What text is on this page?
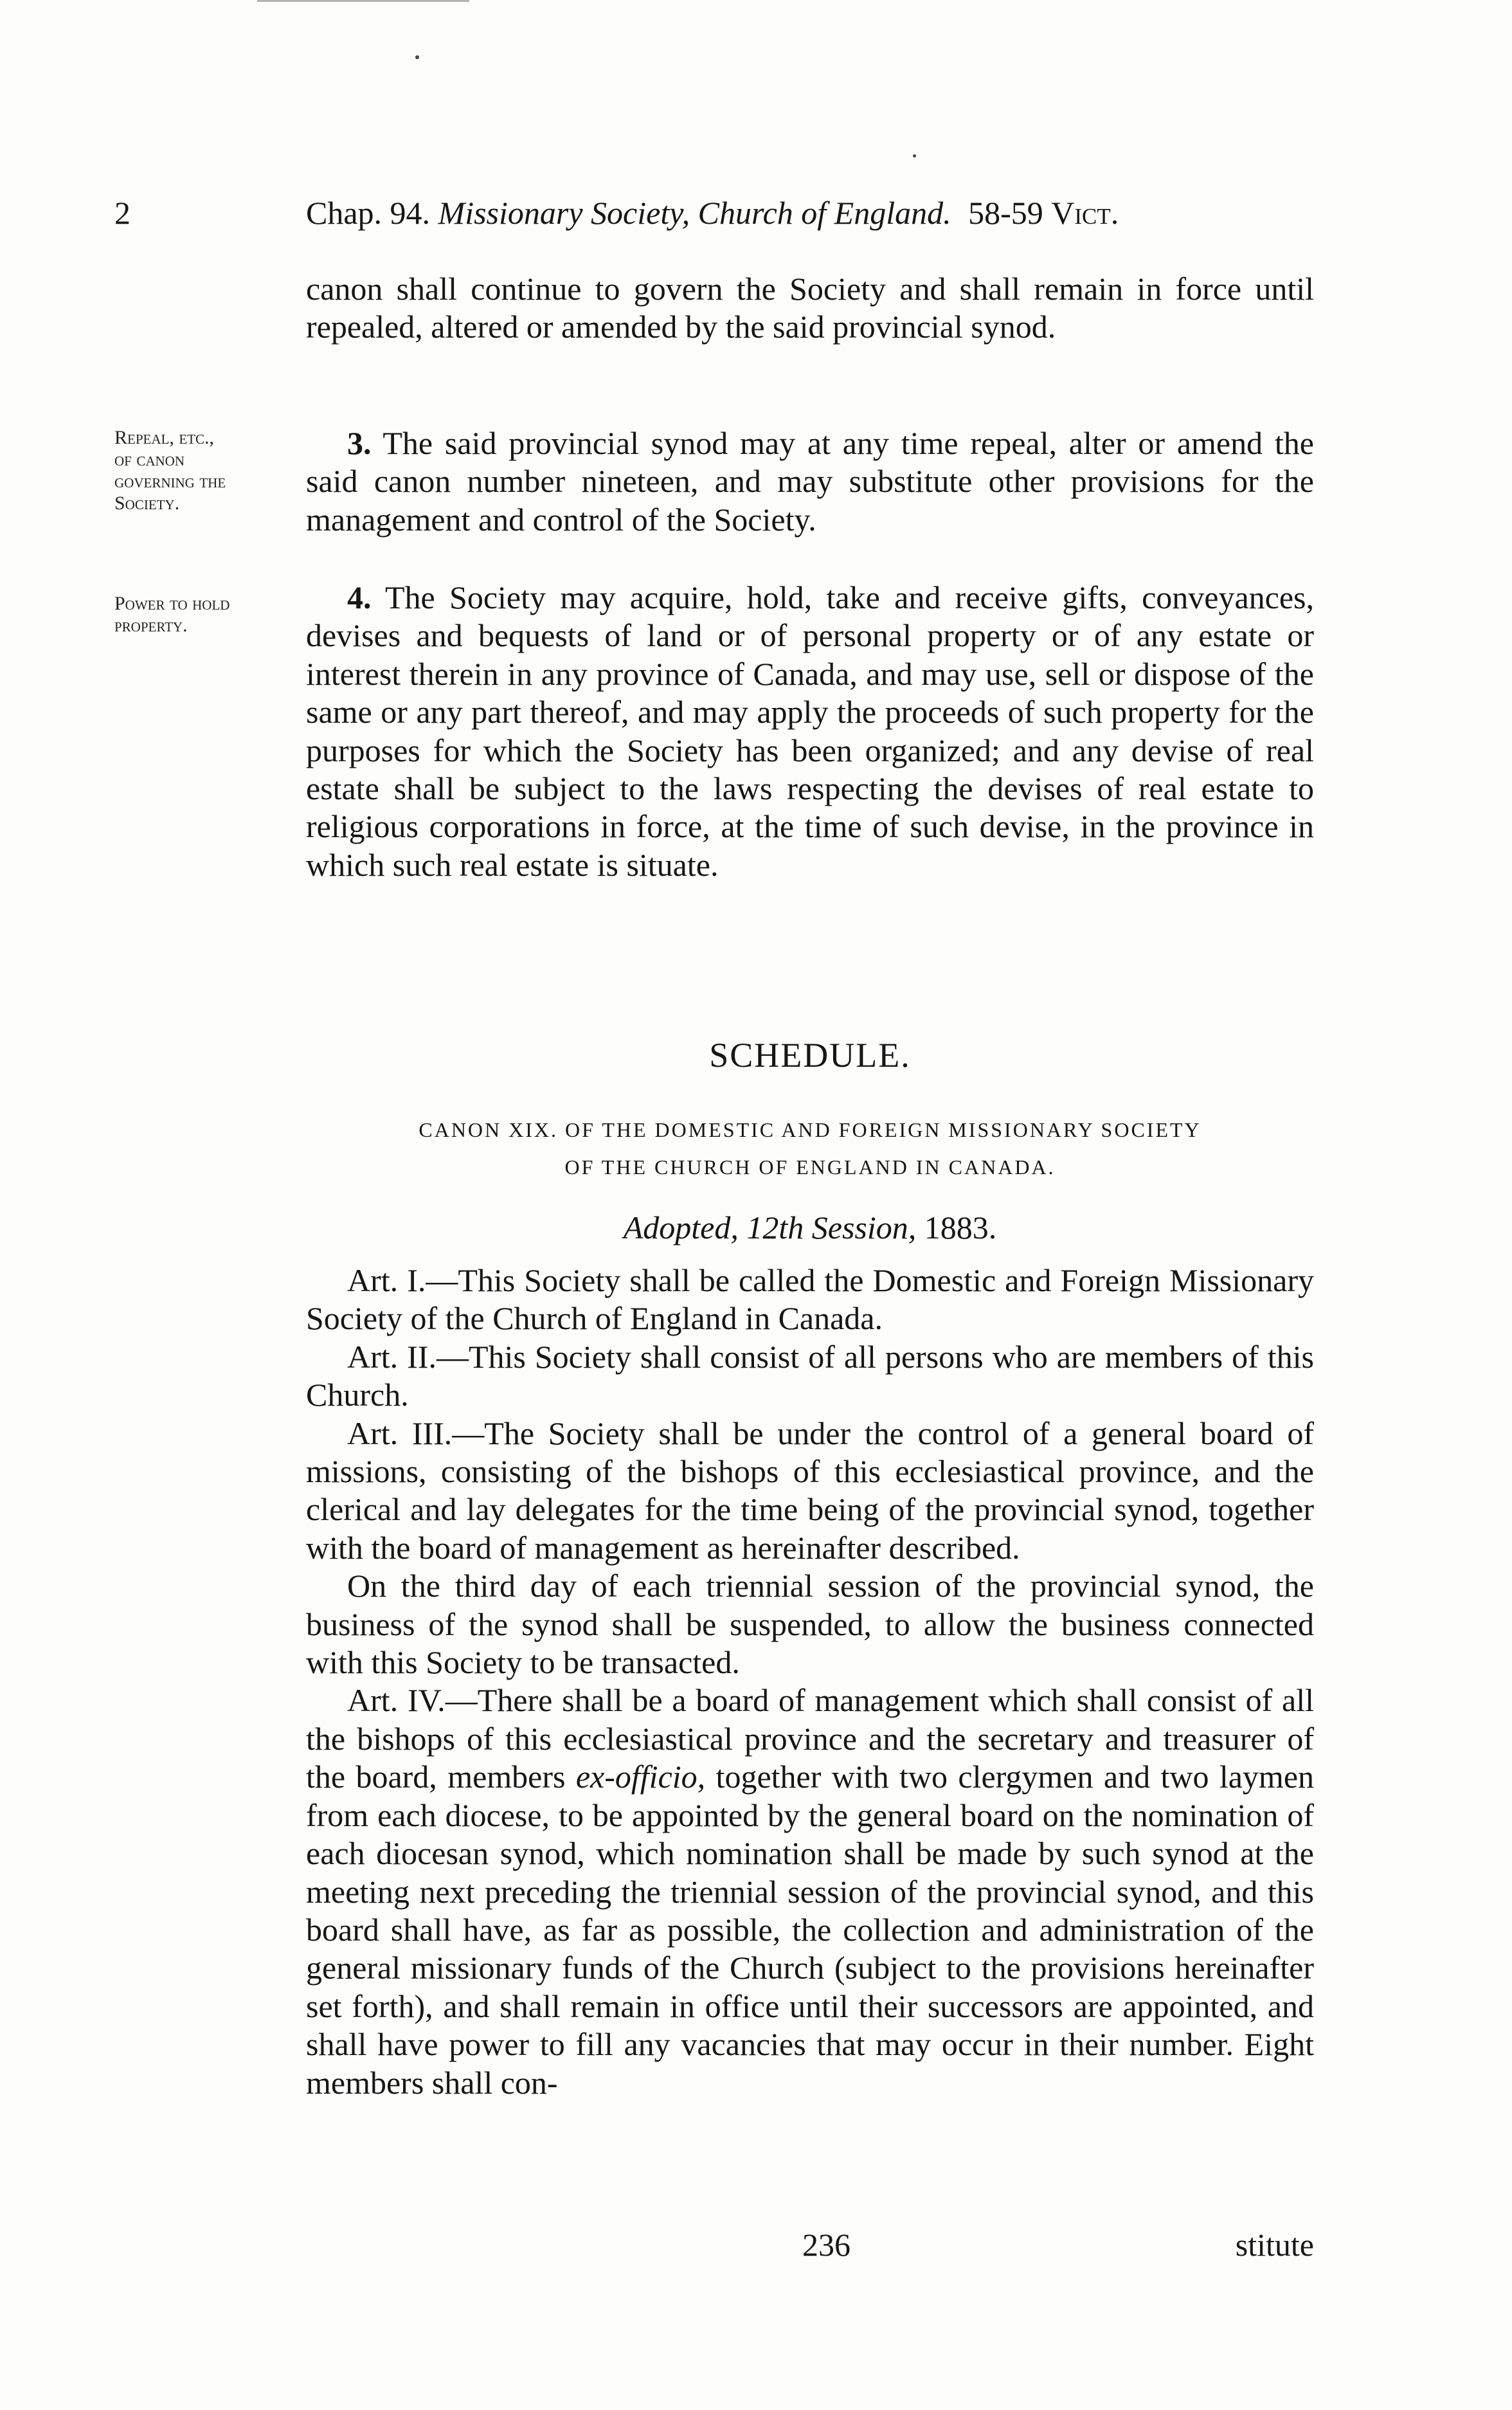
2	Chap. 94. Missionary Society, Church of England. 58-59 Vict.

canon shall continue to govern the Society and shall remain in force until repealed, altered or amended by the said provincial synod.

Repeal, etc.,
of canon
governing the
Society.

3. The said provincial synod may at any time repeal, alter or amend the said canon number nineteen, and may substitute other provisions for the management and control of the Society.

Power to hold
property.

4. The Society may acquire, hold, take and receive gifts, conveyances, devises and bequests of land or of personal property or of any estate or interest therein in any province of Canada, and may use, sell or dispose of the same or any part thereof, and may apply the proceeds of such property for the purposes for which the Society has been organized; and any devise of real estate shall be subject to the laws respecting the devises of real estate to religious corporations in force, at the time of such devise, in the province in which such real estate is situate.

SCHEDULE.
CANON XIX. OF THE DOMESTIC AND FOREIGN MISSIONARY SOCIETY
OF THE CHURCH OF ENGLAND IN CANADA.
Adopted, 12th Session, 1883.

Art. I.—This Society shall be called the Domestic and Foreign Missionary Society of the Church of England in Canada.

Art. II.—This Society shall consist of all persons who are members of this Church.

Art. III.—The Society shall be under the control of a general board of missions, consisting of the bishops of this ecclesiastical province, and the clerical and lay delegates for the time being of the provincial synod, together with the board of management as hereinafter described.

On the third day of each triennial session of the provincial synod, the business of the synod shall be suspended, to allow the business connected with this Society to be transacted.

Art. IV.—There shall be a board of management which shall consist of all the bishops of this ecclesiastical province and the secretary and treasurer of the board, members ex-officio, together with two clergymen and two laymen from each diocese, to be appointed by the general board on the nomination of each diocesan synod, which nomination shall be made by such synod at the meeting next preceding the triennial session of the provincial synod, and this board shall have, as far as possible, the collection and administration of the general missionary funds of the Church (subject to the provisions hereinafter set forth), and shall remain in office until their successors are appointed, and shall have power to fill any vacancies that may occur in their number. Eight members shall con-

236	stitute
